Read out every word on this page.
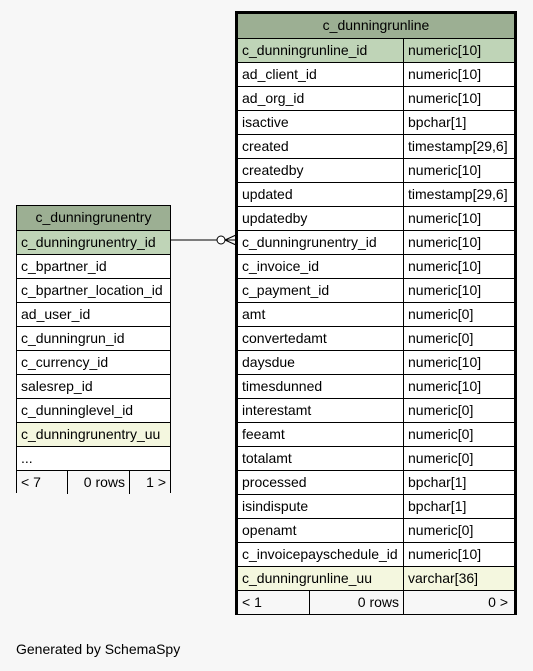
c_dunningrunline
c_dunningrunline_id	numeric[10]
ad_client_id	numeric[10]
ad_org_id	numeric[10]
isactive	bpchar[1]
created	timestamp[29,6]
createdby	numeric[10]
updated	timestamp[29,6]
updatedby	numeric[10]
c_dunningrunentry_id	numeric[10]
c_invoice_id	numeric[10]
c_payment_id	numeric[10]
amt	numeric[0]
convertedamt	numeric[0]
daysdue	numeric[10]
timesdunned	numeric[10]
interestamt	numeric[0]
feeamt	numeric[0]
totalamt	numeric[0]
processed	bpchar[1]
isindispute	bpchar[1]
openamt	numeric[0]
c_invoicepayschedule_id numeric[10]
c_dunningrunline_uu	varchar[36]
< 1	0 rows	0 >
c_dunningrunentry
c_dunningrunentry_id
c_bpartner_id
c_bpartner_location_id
ad_user_id
c_dunningrun_id
c_currency_id
salesrep_id
c_dunninglevel_id
c_dunningrunentry_uu
...
< 7	0 rows	1 >
Generated by SchemaSpy
